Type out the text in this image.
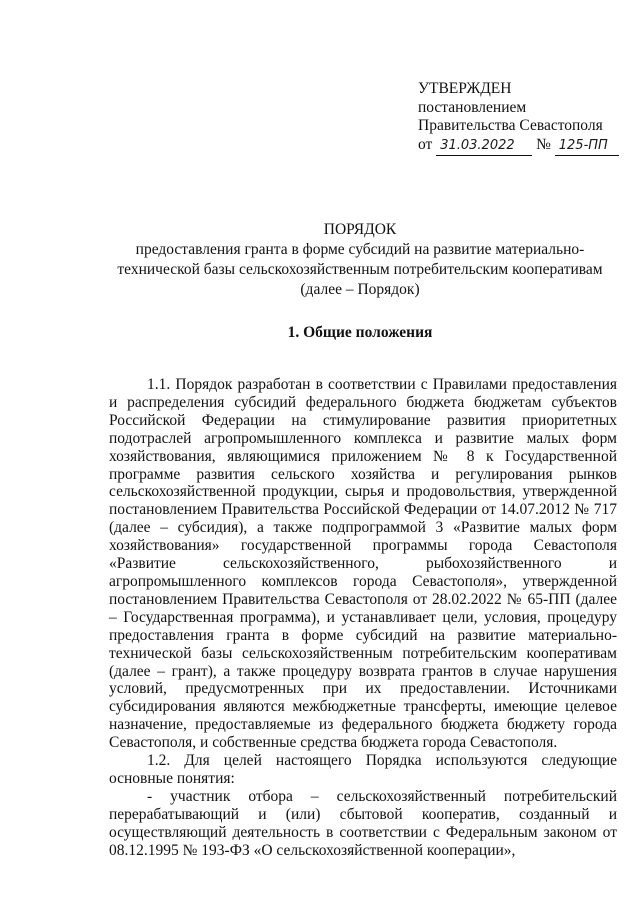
УТВЕРЖДЕН
постановлением
Правительства Севастополя
от 31.03.2022 № 125-ПП
ПОРЯДОК
предоставления гранта в форме субсидий на развитие материально-
технической базы сельскохозяйственным потребительским кооперативам
(далее – Порядок)
1. Общие положения

1.1. Порядок разработан в соответствии с Правилами предоставления и распределения субсидий федерального бюджета бюджетам субъектов Российской Федерации на стимулирование развития приоритетных подотраслей агропромышленного комплекса и развитие малых форм хозяйствования, являющимися приложением № 8 к Государственной программе развития сельского хозяйства и регулирования рынков сельскохозяйственной продукции, сырья и продовольствия, утвержденной постановлением Правительства Российской Федерации от 14.07.2012 № 717 (далее – субсидия), а также подпрограммой 3 «Развитие малых форм хозяйствования» государственной программы города Севастополя «Развитие сельскохозяйственного, рыбохозяйственного и агропромышленного комплексов города Севастополя», утвержденной постановлением Правительства Севастополя от 28.02.2022 № 65-ПП (далее – Государственная программа), и устанавливает цели, условия, процедуру предоставления гранта в форме субсидий на развитие материально-технической базы сельскохозяйственным потребительским кооперативам (далее – грант), а также процедуру возврата грантов в случае нарушения условий, предусмотренных при их предоставлении. Источниками субсидирования являются межбюджетные трансферты, имеющие целевое назначение, предоставляемые из федерального бюджета бюджету города Севастополя, и собственные средства бюджета города Севастополя.

1.2. Для целей настоящего Порядка используются следующие основные понятия:

- участник отбора – сельскохозяйственный потребительский перерабатывающий и (или) сбытовой кооператив, созданный и осуществляющий деятельность в соответствии с Федеральным законом от 08.12.1995 № 193-ФЗ «О сельскохозяйственной кооперации»,
